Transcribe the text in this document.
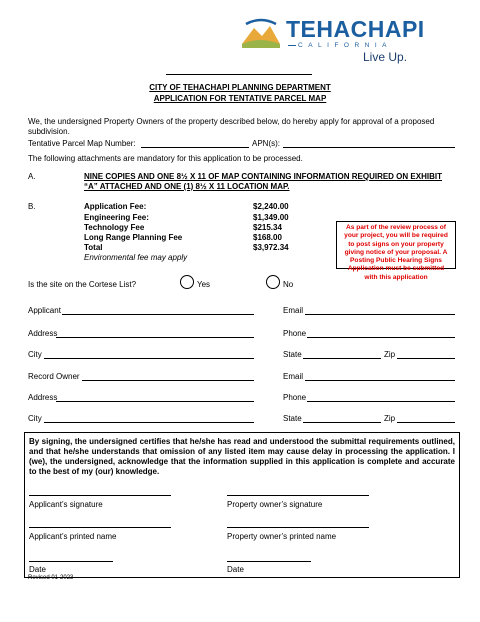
TEHACHAPI
CALIFORNIA
Live Up.
CITY OF TEHACHAPI PLANNING DEPARTMENT
APPLICATION FOR TENTATIVE PARCEL MAP
We, the undersigned Property Owners of the property described below, do hereby apply for approval of a proposed subdivision.
Tentative Parcel Map Number:	APN(s):
The following attachments are mandatory for this application to be processed.
A.	NINE COPIES AND ONE 8½ X 11 OF MAP CONTAINING INFORMATION REQUIRED ON EXHIBIT “A” ATTACHED AND ONE (1) 8½ X 11 LOCATION MAP.
B.	Application Fee:	$2,240.00
Engineering Fee:	$1,349.00
Technology Fee	$215.34
Long Range Planning Fee	$168.00
Total	$3,972.34
Environmental fee may apply
As part of the review process of your project, you will be required to post signs on your property giving notice of your proposal. A Posting Public Hearing Signs Application must be submitted with this application
Is the site on the Cortese List?	Yes	No
Applicant	Email
Address	Phone
City	State	Zip
Record Owner	Email
Address	Phone
City	State	Zip
By signing, the undersigned certifies that he/she has read and understood the submittal requirements outlined, and that he/she understands that omission of any listed item may cause delay in processing the application. I (we), the undersigned, acknowledge that the information supplied in this application is complete and accurate to the best of my (our) knowledge.
Applicant’s signature	Property owner’s signature
Applicant’s printed name	Property owner’s printed name
Date	Date
Revised 01-2023
